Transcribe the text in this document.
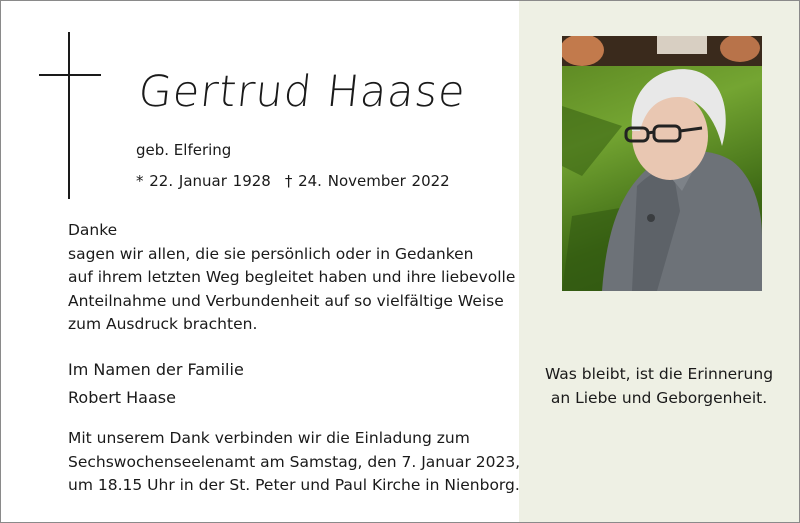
Gertrud Haase
geb. Elfering
* 22. Januar 1928 † 24. November 2022
Danke
sagen wir allen, die sie persönlich oder in Gedanken
auf ihrem letzten Weg begleitet haben und ihre liebevolle
Anteilnahme und Verbundenheit auf so vielfältige Weise
zum Ausdruck brachten.
Im Namen der Familie
Robert Haase
Mit unserem Dank verbinden wir die Einladung zum
Sechswochenseelenamt am Samstag, den 7. Januar 2023,
um 18.15 Uhr in der St. Peter und Paul Kirche in Nienborg.
Was bleibt, ist die Erinnerung
an Liebe und Geborgenheit.
